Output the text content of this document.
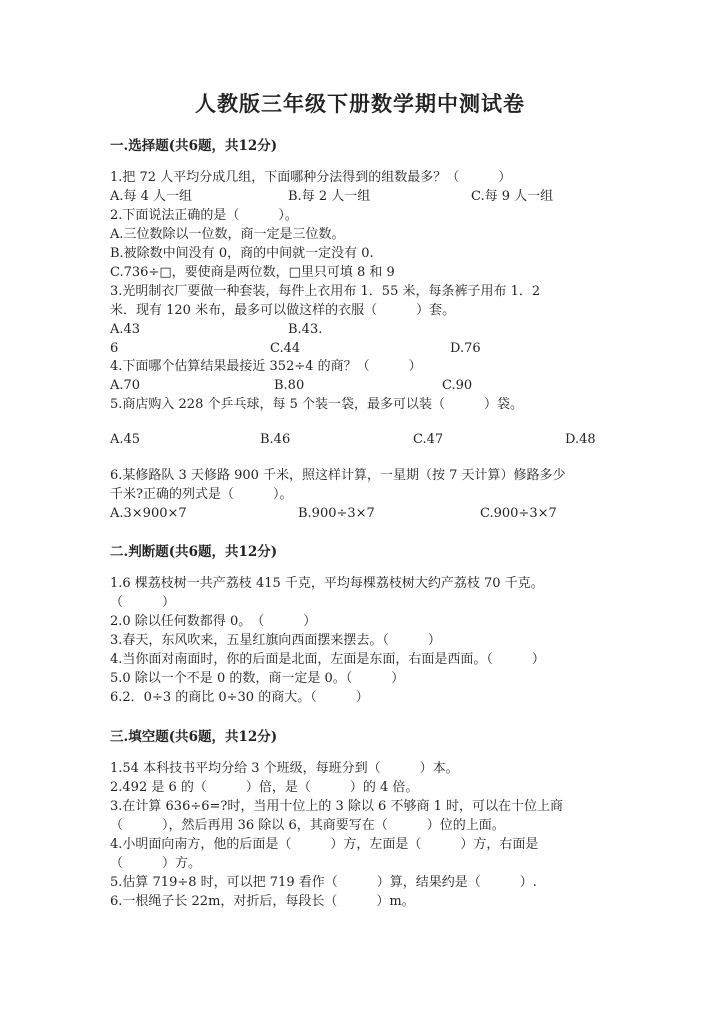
人教版三年级下册数学期中测试卷
一.选择题(共6题，共12分)
1.把 72 人平均分成几组，下面哪种分法得到的组数最多？（　　　）
A.每 4 人一组	B.每 2 人一组	C.每 9 人一组
2.下面说法正确的是（　　　）。
A.三位数除以一位数，商一定是三位数。
B.被除数中间没有 0，商的中间就一定没有 0.
C.736÷□，要使商是两位数，□里只可填 8 和 9
3.光明制衣厂要做一种套装，每件上衣用布 1．55 米，每条裤子用布 1．2
米．现有 120 米布，最多可以做这样的衣服（　　　）套。
A.43	B.43.
6	C.44	D.76
4.下面哪个估算结果最接近 352÷4 的商？（　　　）
A.70	B.80	C.90
5.商店购入 228 个乒乓球，每 5 个装一袋，最多可以装（　　　）袋。
A.45	B.46	C.47	D.48
6.某修路队 3 天修路 900 千米，照这样计算，一星期（按 7 天计算）修路多少
千米?正确的列式是（　　　）。
A.3×900×7	B.900÷3×7	C.900÷3×7
二.判断题(共6题，共12分)
1.6 棵荔枝树一共产荔枝 415 千克，平均每棵荔枝树大约产荔枝 70 千克。
（　　　）
2.0 除以任何数都得 0。　（　　　）
3.春天，东风吹来，五星红旗向西面摆来摆去。（　　　）
4.当你面对南面时，你的后面是北面，左面是东面，右面是西面。（　　　）
5.0 除以一个不是 0 的数，商一定是 0。（　　　）
6.2．0÷3 的商比 0÷30 的商大。（　　　）
三.填空题(共6题，共12分)
1.54 本科技书平均分给 3 个班级，每班分到（　　　）本。
2.492 是 6 的（　　　）倍，是（　　　）的 4 倍。
3.在计算 636÷6=?时，当用十位上的 3 除以 6 不够商 1 时，可以在十位上商
（　　　），然后再用 36 除以 6，其商要写在（　　　）位的上面。
4.小明面向南方，他的后面是（　　　）方，左面是（　　　）方，右面是
（　　　）方。
5.估算 719÷8 时，可以把 719 看作（　　　）算，结果约是（　　　）.
6.一根绳子长 22m，对折后，每段长（　　　）m。
